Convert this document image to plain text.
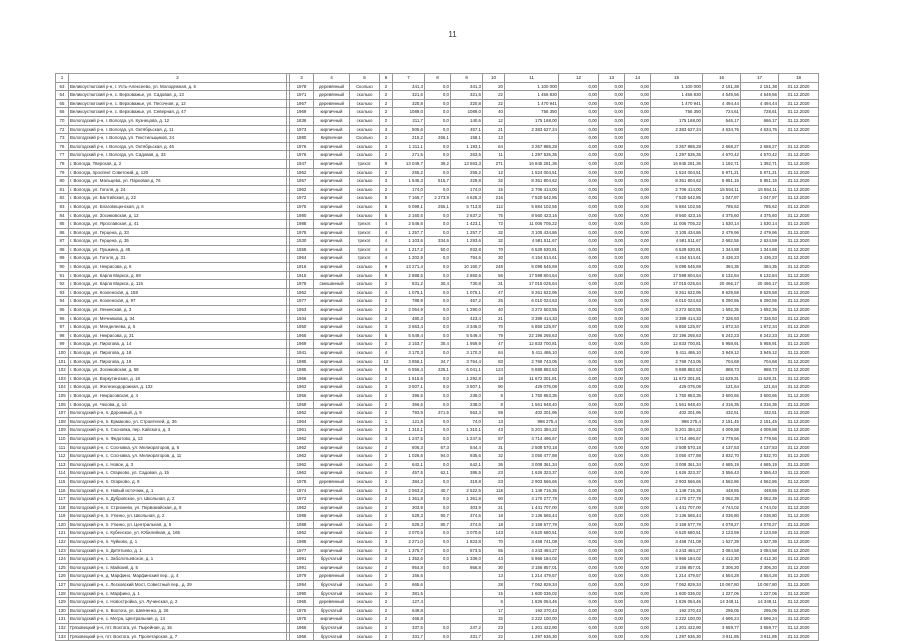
11
1	2		3	4	5	6	7	8	9	10	11	12	13	14	15	16	17	18
63	Великоустюгский р-н, г. Усть-Алексеево, ул. Молодежная, д. 6		1978	деревянный	Сколько	2	341,3	0,0	341,3	20	1 100 000	0,00	0,00	0,00	1 100 000	2 151,38	2 151,38	31.12.2020
64	Великоустюгский р-н, с. Верховажье, ул. Садовая, д. 13		1971	деревянный	сколько	2	321,6	0,0	321,6	22	1 456 830	0,00	0,00	0,00	1 456 830	4 549,56	4 549,56	31.12.2020
65	Великоустюгский р-н, с. Верховажье, ул. Песочная, д. 12		1967	деревянный	сколько	2	320,8	0,0	320,8	22	1 470 941	0,00	0,00	0,00	1 470 941	4 494,44	4 494,44	31.12.2020
66	Великоустюгский р-н, с. Верховажье, ул. Северная, д. 47		1969	кирпичный	сколько	2	1089,0	0,0	1089,0	40	756 350	0,00	0,00	0,00	756 350	724,61	728,61	31.12.2020
70	Вологодский р-н, г. Вологда, ул. Кузнецова, д. 12		1836	кирпичный	сколько	2	211,7	0,0	140,6	12	175 168,00	0,00	0,00	0,00	175 168,00	546,17	666,17	31.12.2020
72	Вологодский р-н, г. Вологда, ул. Октябрьская, д. 11		1973	кирпичный	сколько	3	505,6	0,0	457,1	21	2 383 627,24	0,00	0,00	0,00	2 383 627,24	4 634,76	4 634,76	31.12.2020
73	Вологодский р-н, г. Вологда, ул. Текстильщиков, 24		1980	Кирпичная	Сколько	2	215,2	266,1	158,1	13		0,00	0,00	0,00				
76	Вологодский р-н, г. Вологда, ул. Октябрьская, д. 46		1976	кирпичный	сколько	3	1 211,1	0,0	1 193,1	64	3 267 885,28	0,00	0,00	0,00	3 267 885,28	2 668,27	2 668,27	31.12.2020
77	Вологодский р-н, г. Вологда, ул. Садовая, д. 33		1976	кирпичный	сколько	2	271,5	0,0	263,5	11	1 297 535,36	0,00	0,00	0,00	1 297 535,36	4 670,42	4 670,42	31.12.2020
78	г. Вологда, Тверская, д. 2		1947	кирпичный	трехэт.	9	13 049,7	39,2	13 563,3	271	16 845 281,36	0,00	0,00	0,00	16 845 281,36	1 192,71	1 392,71	31.12.2020
79	г. Вологда, проспект Советский, д. 120		1962	кирпичный	сколько	2	255,2	0,0	255,2	12	1 524 004,51	0,00	0,00	0,00	1 524 004,51	5 971,21	5 971,21	31.12.2020
80	г. Вологда, ул. Мальцева, ул. Парковая д. 76		1957	кирпичный	сколько	3	1 545,3	515,7	329,8	32	8 351 804,62	0,00	0,00	0,00	8 351 804,62	5 851,15	5 851,15	31.12.2020
81	г. Вологда, ул. Гоголя, д. 24		1962	кирпичный	сколько	2	174,0	0,0	174,0	15	2 706 414,00	0,00	0,00	0,00	2 706 414,00	15 554,11	15 554,11	31.12.2020
82	г. Вологда, ул. Балтийская, д. 22		1972	кирпичный	сколько	5	7 166,7	2 273,9	4 625,3	216	7 520 642,85	0,00	0,00	0,00	7 520 642,85	1 047,97	1 047,97	31.12.2020
83	г. Вологда, ул. Благовещенская, д. 6		1975	кирпичный	сколько	5	5 099,1	255,1	5 713,8	112	5 884 102,55	0,00	0,00	0,00	5 884 102,55	785,62	785,62	31.12.2020
84	г. Вологда, ул. Зосимовская, д. 12		1980	кирпичный	сколько	5	2 160,5	0,0	2 637,2	75	8 560 423,16	0,00	0,00	0,00	8 560 423,16	4 375,60	4 375,60	31.12.2020
85	г. Вологда, ул. Ярославская, д. 41		1988	кирпичный	трехэт.	4	2 546,6	0,0	1 423,1	72	11 006 705,22	0,00	0,00	0,00	11 006 705,22	1 530,14	1 530,14	31.12.2020
86	г. Вологда, ул. Герцена, д. 33		1975	кирпичный	трехэт.	4	1 257,7	0,0	1 257,7	32	3 105 434,86	0,00	0,00	0,00	3 105 434,86	2 479,96	2 479,96	31.12.2020
87	г. Вологда, ул. Герцена, д. 35		1530	кирпичный	трехэт.	4	1 103,6	334,6	1 293,6	32	4 581 511,67	0,00	0,00	0,00	4 581 511,67	2 682,55	2 624,59	31.12.2020
88	г. Вологда, ул. Пушкина, д. 45		1558	кирпичный	трехэт.	4	1 217,2	50,0	932,8	70	6 528 630,81	0,00	0,00	0,00	6 528 630,81	1 344,88	1 344,88	31.12.2020
89	г. Вологда, ул. Гоголя, д. 31		1964	кирпичный	трехэт.	4	1 202,9	0,0	794,6	30	4 154 514,61	0,00	0,00	0,00	4 154 514,61	3 436,23	3 436,23	31.12.2020
90	г. Вологда, ул. Некрасова, д. 6		1916	кирпичный	сколько	9	13 271,4	0,0	10 160,7	248	5 098 645,69	0,00	0,00	0,00	5 098 645,69	384,35	384,35	31.12.2020
91	г. Вологда, ул. Карла Маркса, д. 69		1915	кирпичный	сколько	9	2 888,5	0,0	2 860,6	56	17 598 804,64	0,00	0,00	0,00	17 598 804,64	6 132,84	6 132,84	31.12.2020
92	г. Вологда, ул. Карла Маркса, д. 115		1978	смешанный	сколько	2	831,2	30,4	730,8	31	17 015 025,64	0,00	0,00	0,00	17 015 025,64	20 466,17	20 466,17	31.12.2020
93	г. Вологда, ул. Козленская, д. 158		1962	кирпичный	сколько	4	1 075,1	0,0	1 075,1	47	9 261 622,95	0,00	0,00	0,00	9 261 622,95	8 629,58	8 629,58	31.12.2020
94	г. Вологда, ул. Козленская, д. 97		1977	кирпичный	сколько	2	788,9	0,0	467,2	25	6 010 024,63	0,00	0,00	0,00	6 010 024,63	6 290,55	6 290,55	31.12.2020
95	г. Вологда, ул. Ленинская, д. 3		1953	кирпичный	сколько	2	2 054,9	0,0	1 290,0	40	3 272 503,55	0,00	0,00	0,00	3 272 503,55	1 592,35	1 592,35	31.12.2020
96	г. Вологда, ул. Мечникова, д. 34		1934	кирпичный	сколько	2	480,3	0,0	423,4	21	3 389 414,33	0,00	0,00	0,00	3 389 414,33	7 326,93	7 326,93	31.12.2020
97	г. Вологда, ул. Менделеева, д. 5		1950	кирпичный	сколько	3	3 663,4	0,0	3 346,0	70	6 850 125,97	0,00	0,00	0,00	6 850 125,97	1 872,34	1 872,34	31.12.2020
98	г. Вологда, ул. Некрасова, д. 31		1965	кирпичный	сколько	5	5 549,4	0,0	5 549,4	79	22 196 265,63	0,00	0,00	0,00	22 196 265,63	6 242,23	6 242,23	31.12.2020
99	г. Вологда, ул. Пирогова, д. 14		1969	кирпичный	сколько	2	2 153,7	30,4	1 959,9	47	12 833 700,81	0,00	0,00	0,00	12 833 700,81	5 958,91	5 958,91	31.12.2020
100	г. Вологда, ул. Пирогова, д. 18		1941	кирпичный	сколько	4	3 170,3	0,0	3 170,3	64	5 411 486,10	0,00	0,00	0,00	5 411 486,10	3 949,12	3 949,12	31.12.2020
101	г. Вологда, ул. Пирогова, д. 19		1985	кирпичный	сколько	12	3 856,1	34,7	3 764,4	83	2 769 743,05	0,00	0,00	0,00	2 769 743,05	704,68	704,68	31.12.2020
102	г. Вологда, ул. Зосимовская, д. 58		1985	кирпичный	сколько	9	6 556,4	225,1	6 041,1	124	5 888 882,53	0,00	0,00	0,00	5 888 882,53	888,73	888,73	31.12.2020
103	г. Вологда, ул. Воркутинская, д. 18		1966	кирпичный	сколько	2	1 515,6	0,0	1 292,8	18	11 672 301,81	0,00	0,00	0,00	11 672 301,81	11 629,31	11 629,31	31.12.2020
104	г. Вологда, ул. Железнодорожная, д. 132		1962	кирпичный	сколько	3	3 507,1	0,0	3 507,1	90	426 076,08	0,00	0,00	0,00	426 076,08	121,64	121,64	31.12.2020
105	г. Вологда, ул. Некрасовская, д. 4		1956	кирпичный	сколько	2	396,5	0,0	238,0	8	1 750 853,35	0,00	0,00	0,00	1 750 853,35	3 600,65	3 600,65	31.12.2020
106	г. Вологда, ул. Чехова, д. 14		1959	кирпичный	сколько	2	366,5	0,0	238,0	8	1 561 948,40	0,00	0,00	0,00	1 561 948,40	4 316,35	4 316,35	31.12.2020
107	Вологодский р-н, п. Дорожный, д. 9		1962	кирпичный	сколько	2	793,9	371,5	563,3	59	402 301,96	0,00	0,00	0,00	402 301,96	432,51	432,51	31.12.2020
108	Вологодский р-н, п. Ермаково, ул. Строителей, д. 36		1964	кирпичный	сколько	1	121,5	0,0	74,0	13	998 275,4	0,00	0,00	0,00	998 275,4	2 151,45	2 151,45	31.12.2020
109	Вологодский р-н, п. Сосновка, пер. Кайского, д. 3		1961	кирпичный	сколько	3	1 310,1	0,0	1 310,1	43	5 201 384,22	0,00	0,00	0,00	5 201 384,22	4 009,88	4 009,88	31.12.2020
110	Вологодский р-н, п. Федотово, д. 13		1962	кирпичный	сколько	3	1 247,5	0,0	1 247,5	87	4 714 496,67	0,00	0,00	0,00	4 714 496,67	3 779,56	3 779,56	31.12.2020
111	Вологодский р-н, с. Сосновка, ул. Мелиораторов, д. 6		1962	кирпичный	сколько	2	606,3	67,3	544,4	31	2 508 570,18	0,00	0,00	0,00	2 508 570,18	4 137,53	4 137,53	31.12.2020
112	Вологодский р-н, с. Сосновка, ул. Мелиораторов, д. 11		1962	кирпичный	сколько	2	1 026,6	94,0	935,6	32	3 050 477,88	0,00	0,00	0,00	3 050 477,88	3 832,70	3 832,70	31.12.2020
113	Вологодский р-н, с. Новое, д. 3		1962	кирпичный	сколько	2	642,1	0,0	642,1	36	3 008 361,34	0,00	0,00	0,00	3 008 361,34	4 685,19	4 685,19	31.12.2020
114	Вологодский р-н, с. Огарково, ул. Садовая, д. 15		1962	кирпичный	сколько	2	457,5	62,1	395,5	23	1 626 323,37	0,00	0,00	0,00	1 626 323,37	3 556,43	3 556,43	31.12.2020
115	Вологодский р-н, п. Огарково, д. 9		1978	деревянный	сколько	2	384,2	0,0	319,8	23	2 903 566,66	0,00	0,00	0,00	2 903 566,66	4 562,86	4 562,86	31.12.2020
116	Вологодский р-н, п. Новый источник, д. 1		1974	кирпичный	сколько	3	2 563,2	40,7	2 522,5	118	1 149 716,35	0,00	0,00	0,00	1 149 716,35	448,55	448,55	31.12.2020
117	Вологодский р-н, п. Дубровское, ул. Школьная, д. 2		1972	кирпичный	сколько	2	1 361,8	0,0	1 361,8	60	4 170 277,78	0,00	0,00	0,00	4 170 277,78	3 062,39	3 062,39	31.12.2020
118	Вологодский р-н, п. Стризнево, ул. Первомайская, д. 8		1962	кирпичный	сколько	2	303,9	0,0	303,9	21	1 441 707,00	0,00	0,00	0,00	1 441 707,00	4 744,02	4 744,02	31.12.2020
119	Вологодский р-н, п. Уткино, ул. Школьная, д. 2		1988	кирпичный	сколько	2	529,3	90,7	374,6	18	2 136 665,44	0,00	0,00	0,00	2 136 665,44	4 036,80	4 036,80	31.12.2020
120	Вологодский р-н, п. Уткино, ул. Центральная, д. 5		1988	кирпичный	сколько	2	529,3	80,7	374,6	18	2 159 677,78	0,00	0,00	0,00	2 159 677,78	4 078,27	4 078,27	31.12.2020
121	Вологодский р-н, с. Кубенское, ул. Юбилейная, д. 165		1962	кирпичный	сколько	2	3 070,6	0,0	3 070,6	143	6 520 680,51	0,00	0,00	0,00	6 520 680,51	2 123,59	2 123,59	31.12.2020
122	Вологодский р-н, п. Чуйково, д. 1		1988	кирпичный	сколько	3	2 271,0	0,0	1 823,8	70	3 468 741,08	0,00	0,00	0,00	3 468 741,08	1 527,39	1 527,39	31.12.2020
123	Вологодский р-н, п. Дитятьево, д. 1		1977	кирпичный	сколько	2	1 375,7	0,0	873,5	55	4 243 484,27	0,00	0,00	0,00	4 243 484,27	3 084,58	3 084,58	31.12.2020
124	Вологодский р-н, с. Заболотьевское, д. 1		1991	брусчатый	сколько	2	1 352,6	0,0	1 339,0	43	5 966 184,02	0,00	0,00	0,00	5 966 184,02	4 412,30	4 412,30	31.12.2020
125	Вологодский р-н, с. Майский, д. 5		1991	кирпичный	сколько	2	954,8	0,0	866,8	30	3 156 857,01	0,00	0,00	0,00	3 156 857,01	3 306,20	3 306,20	31.12.2020
126	Вологодский р-н, д. Марфино, Марфинский пер., д. 4		1979	деревянный	сколько	2	166,6			13	1 214 479,57	0,00	0,00	0,00	1 214 479,57	4 554,28	4 554,28	31.12.2020
127	Вологодский р-н, с. Лесковский Мост, Совестный пер., д. 29		1994	брусчатый	сколько	2	665,6			28	7 062 829,34	0,00	0,00	0,00	7 062 829,34	10 067,80	10 067,80	31.12.2020
128	Вологодский р-н, с. Марфино, д. 1		1990	брусчатый	сколько	2	381,5			15	1 600 036,02	0,00	0,00	0,00	1 600 036,02	1 227,06	1 227,06	31.12.2020
129	Вологодский р-н, с. Новостройка, ул. Лучинская, д. 2		1965	деревянный	сколько	2	127,4			6	1 826 064,46	0,00	0,00	0,00	1 826 064,46	14 349,11	14 349,11	31.12.2020
130	Вологодский р-н, п. Вохтога, ул. Шевченко, д. 26		1975	брусчатый	сколько	2	649,8			17	192 370,43	0,00	0,00	0,00	192 370,43	295,05	295,05	31.12.2020
131	Вологодский р-н, с. Мегра, Центральная, д. 14		1975	кирпичный	сколько	2	466,8			32	2 222 100,00	0,00	0,00	0,00	2 222 100,00	4 696,24	4 696,24	31.12.2020
132	Грязовецкий р-н, пгт. Вохтога, ул. Пырейная, д. 15		1966	брусчатый	сколько	2	337,5	0,0	247,2	23	1 201 422,90	0,00	0,00	0,00	1 201 422,90	3 559,77	3 559,77	31.12.2020
133	Грязовецкий р-н, пгт. Вохтога, ул. Пролетарская, д. 7		1966	брусчатый	сколько	2	331,7	0,0	331,7	22	1 297 536,30	0,00	0,00	0,00	1 297 536,30	3 911,85	3 911,85	31.12.2020
